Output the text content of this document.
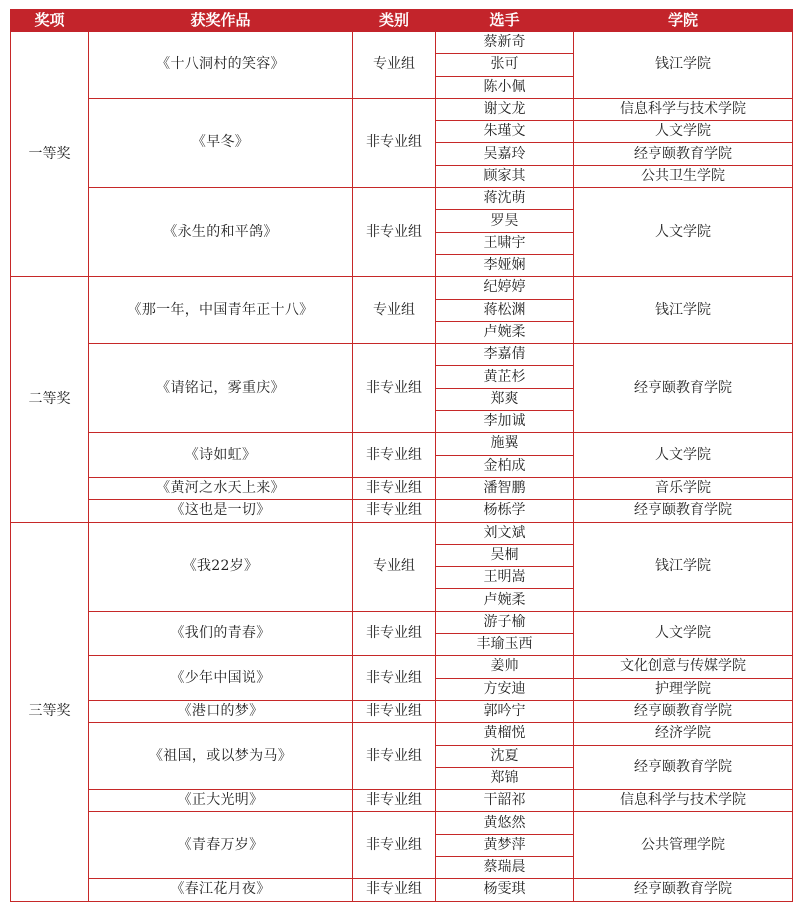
奖项	获奖作品	类别	选手	学院
一等奖	《十八洞村的笑容》	专业组	蔡新奇	钱江学院
			张可	
			陈小佩	
	《早冬》	非专业组	谢文龙	信息科学与技术学院
			朱瑾文	人文学院
			吴嘉玲	经亨颐教育学院
			顾家其	公共卫生学院
	《永生的和平鸽》	非专业组	蒋沈萌	人文学院
			罗昊	
			王啸宇	
			李娅娴	
二等奖	《那一年，中国青年正十八》	专业组	纪婷婷	钱江学院
			蒋松渊	
			卢婉柔	
	《请铭记，雾重庆》	非专业组	李嘉倩	经亨颐教育学院
			黄芷杉	
			郑爽	
			李加诚	
	《诗如虹》	非专业组	施翼	人文学院
			金柏成	
	《黄河之水天上来》	非专业组	潘智鹏	音乐学院
	《这也是一切》	非专业组	杨栎学	经亨颐教育学院
三等奖	《我22岁》	专业组	刘文斌	钱江学院
			吴桐	
			王明嵩	
			卢婉柔	
	《我们的青春》	非专业组	游子榆	人文学院
			丰瑜玉西	
	《少年中国说》	非专业组	姜帅	文化创意与传媒学院
			方安迪	护理学院
	《港口的梦》	非专业组	郭吟宁	经亨颐教育学院
	《祖国，或以梦为马》	非专业组	黄榴悦	经济学院
			沈夏	经亨颐教育学院
			郑锦	
	《正大光明》	非专业组	干韶祁	信息科学与技术学院
	《青春万岁》	非专业组	黄悠然	公共管理学院
			黄梦萍	
			蔡瑞晨	
	《春江花月夜》	非专业组	杨雯琪	经亨颐教育学院
